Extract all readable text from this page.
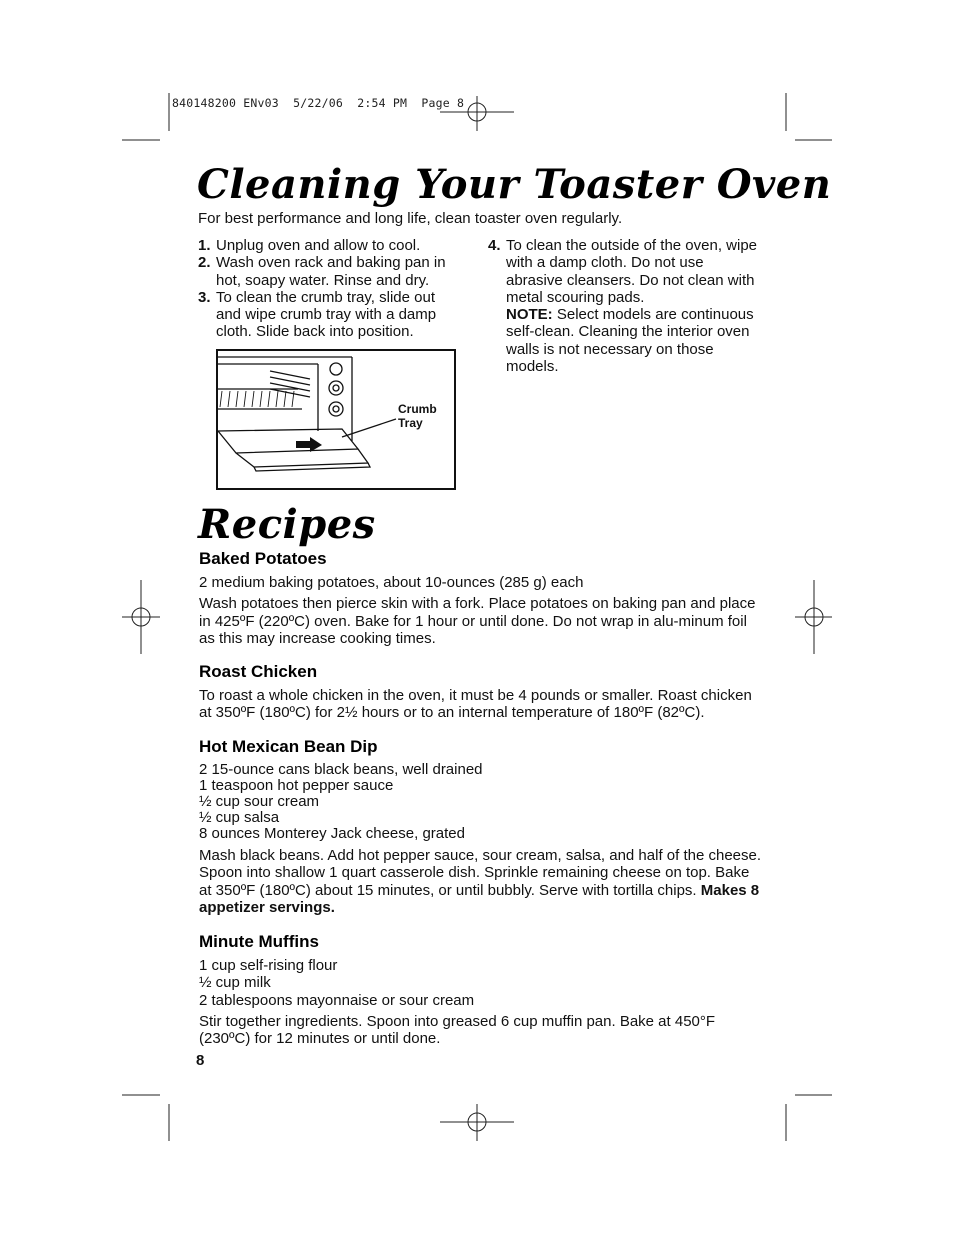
840148200 ENv03  5/22/06  2:54 PM  Page 8
Cleaning Your Toaster Oven
For best performance and long life, clean toaster oven regularly.
1. Unplug oven and allow to cool.
2. Wash oven rack and baking pan in hot, soapy water. Rinse and dry.
3. To clean the crumb tray, slide out and wipe crumb tray with a damp cloth. Slide back into position.
4. To clean the outside of the oven, wipe with a damp cloth. Do not use abrasive cleansers. Do not clean with metal scouring pads.
NOTE: Select models are continuous self-clean. Cleaning the interior oven walls is not necessary on those models.
Crumb
Tray
Recipes
Baked Potatoes
2 medium baking potatoes, about 10-ounces (285 g) each
Wash potatoes then pierce skin with a fork. Place potatoes on baking pan and place in 425ºF (220ºC) oven. Bake for 1 hour or until done. Do not wrap in alu-minum foil as this may increase cooking times.
Roast Chicken
To roast a whole chicken in the oven, it must be 4 pounds or smaller. Roast chicken at 350ºF (180ºC) for 2½ hours or to an internal temperature of 180ºF (82ºC).
Hot Mexican Bean Dip
2 15-ounce cans black beans, well drained
1 teaspoon hot pepper sauce
½ cup sour cream
½ cup salsa
8 ounces Monterey Jack cheese, grated
Mash black beans. Add hot pepper sauce, sour cream, salsa, and half of the cheese. Spoon into shallow 1 quart casserole dish. Sprinkle remaining cheese on top. Bake at 350ºF (180ºC) about 15 minutes, or until bubbly. Serve with tortilla chips. Makes 8 appetizer servings.
Minute Muffins
1 cup self-rising flour
½ cup milk
2 tablespoons mayonnaise or sour cream
Stir together ingredients. Spoon into greased 6 cup muffin pan. Bake at 450°F (230ºC) for 12 minutes or until done.
8
